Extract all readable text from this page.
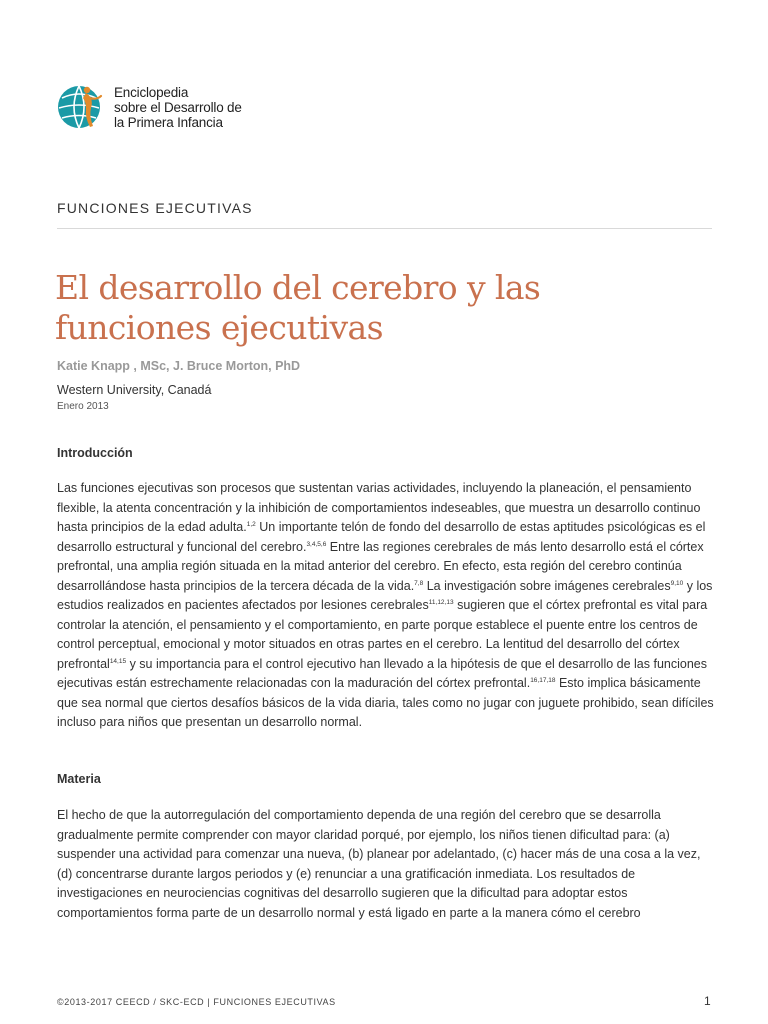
Enciclopedia
sobre el Desarrollo de
la Primera Infancia
FUNCIONES EJECUTIVAS
El desarrollo del cerebro y las funciones ejecutivas
Katie Knapp , MSc, J. Bruce Morton, PhD
Western University, Canadá
Enero 2013
Introducción

Las funciones ejecutivas son procesos que sustentan varias actividades, incluyendo la planeación, el pensamiento flexible, la atenta concentración y la inhibición de comportamientos indeseables, que muestra un desarrollo continuo hasta principios de la edad adulta.$^{1,2}$ Un importante telón de fondo del desarrollo de estas aptitudes psicológicas es el desarrollo estructural y funcional del cerebro.$^{3,4,5,6}$ Entre las regiones cerebrales de más lento desarrollo está el córtex prefrontal, una amplia región situada en la mitad anterior del cerebro. En efecto, esta región del cerebro continúa desarrollándose hasta principios de la tercera década de la vida.$^{7,8}$ La investigación sobre imágenes cerebrales$^{9,10}$ y los estudios realizados en pacientes afectados por lesiones cerebrales$^{11,12,13}$ sugieren que el córtex prefrontal es vital para controlar la atención, el pensamiento y el comportamiento, en parte porque establece el puente entre los centros de control perceptual, emocional y motor situados en otras partes en el cerebro. La lentitud del desarrollo del córtex prefrontal$^{14,15}$ y su importancia para el control ejecutivo han llevado a la hipótesis de que el desarrollo de las funciones ejecutivas están estrechamente relacionadas con la maduración del córtex prefrontal.$^{16,17,18}$ Esto implica básicamente que sea normal que ciertos desafíos básicos de la vida diaria, tales como no jugar con juguete prohibido, sean difíciles incluso para niños que presentan un desarrollo normal.

Materia

El hecho de que la autorregulación del comportamiento dependa de una región del cerebro que se desarrolla gradualmente permite comprender con mayor claridad porqué, por ejemplo, los niños tienen dificultad para: (a) suspender una actividad para comenzar una nueva, (b) planear por adelantado, (c) hacer más de una cosa a la vez, (d) concentrarse durante largos periodos y (e) renunciar a una gratificación inmediata. Los resultados de investigaciones en neurociencias cognitivas del desarrollo sugieren que la dificultad para adoptar estos comportamientos forma parte de un desarrollo normal y está ligado en parte a la manera cómo el cerebro

©2013-2017 CEECD / SKC-ECD | FUNCIONES EJECUTIVAS	1
